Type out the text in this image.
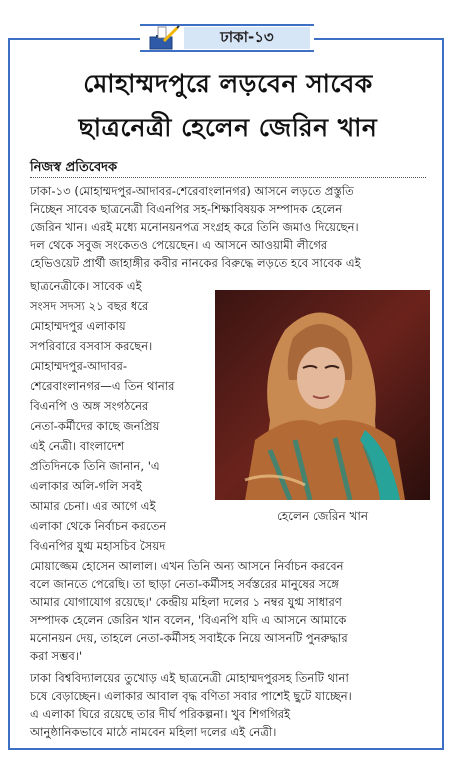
ঢাকা-১৩
মোহাম্মদপুরে লড়বেন সাবেক
ছাত্রনেত্রী হেলেন জেরিন খান
নিজস্ব প্রতিবেদক
ঢাকা-১৩ (মোহাম্মদপুর-আদাবর-শেরেবাংলানগর) আসনে লড়তে প্রস্তুতি
নিচ্ছেন সাবেক ছাত্রনেত্রী বিএনপির সহ-শিক্ষাবিষয়ক সম্পাদক হেলেন
জেরিন খান। এরই মধ্যে মনোনয়নপত্র সংগ্রহ করে তিনি জমাও দিয়েছেন।
দল থেকে সবুজ সংকেতও পেয়েছেন। এ আসনে আওয়ামী লীগের
হেভিওয়েট প্রার্থী জাহাঙ্গীর কবীর নানকের বিরুদ্ধে লড়তে হবে সাবেক এই
ছাত্রনেত্রীকে। সাবেক এই
সংসদ সদস্য ২১ বছর ধরে
মোহাম্মদপুর এলাকায়
সপরিবারে বসবাস করছেন।
মোহাম্মদপুর-আদাবর-
শেরেবাংলানগর—এ তিন থানার
বিএনপি ও অঙ্গ সংগঠনের
নেতা-কর্মীদের কাছে জনপ্রিয়
এই নেত্রী। বাংলাদেশ
প্রতিদিনকে তিনি জানান, 'এ
এলাকার অলি-গলি সবই
আমার চেনা। এর আগে এই
এলাকা থেকে নির্বাচন করতেন
বিএনপির যুগ্ম মহাসচিব সৈয়দ
হেলেন জেরিন খান
মোয়াজ্জেম হোসেন আলাল। এখন তিনি অন্য আসনে নির্বাচন করবেন
বলে জানতে পেরেছি। তা ছাড়া নেতা-কর্মীসহ সর্বস্তরের মানুষের সঙ্গে
আমার যোগাযোগ রয়েছে।' কেন্দ্রীয় মহিলা দলের ১ নম্বর যুগ্ম সাধারণ
সম্পাদক হেলেন জেরিন খান বলেন, 'বিএনপি যদি এ আসনে আমাকে
মনোনয়ন দেয়, তাহলে নেতা-কর্মীসহ সবাইকে নিয়ে আসনটি পুনরুদ্ধার
করা সম্ভব।'
ঢাকা বিশ্ববিদ্যালয়ের তুখোড় এই ছাত্রনেত্রী মোহাম্মদপুরসহ তিনটি থানা
চষে বেড়াচ্ছেন। এলাকার আবাল বৃদ্ধ বণিতা সবার পাশেই ছুটে যাচ্ছেন।
এ এলাকা ঘিরে রয়েছে তার দীর্ঘ পরিকল্পনা। খুব শিগগিরই
আনুষ্ঠানিকভাবে মাঠে নামবেন মহিলা দলের এই নেত্রী।
